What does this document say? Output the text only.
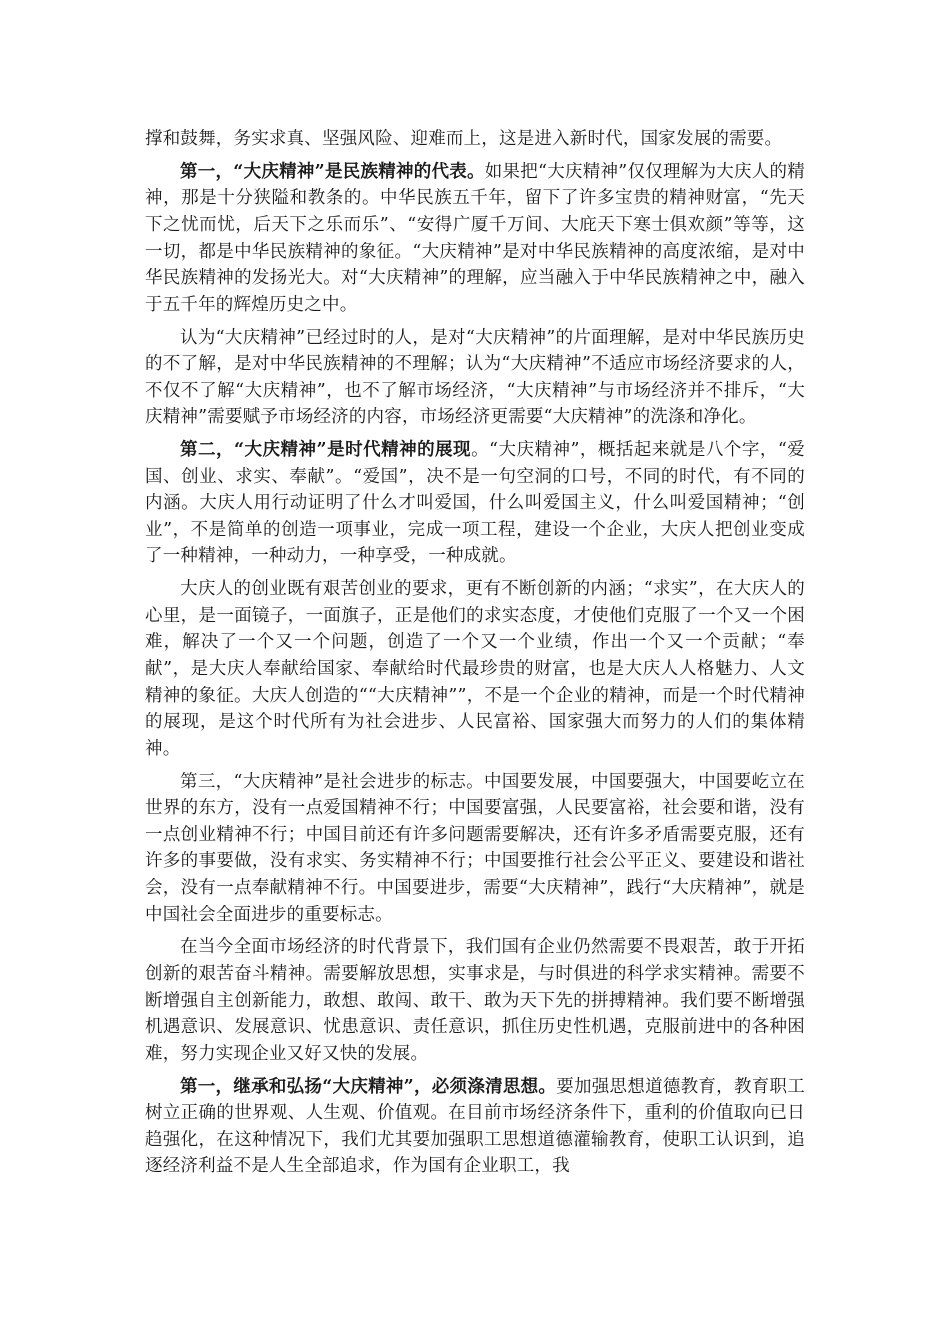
撑和鼓舞，务实求真、坚强风险、迎难而上，这是进入新时代，国家发展的需要。

第一，“大庆精神”是民族精神的代表。如果把“大庆精神”仅仅理解为大庆人的精神，那是十分狭隘和教条的。中华民族五千年，留下了许多宝贵的精神财富，“先天下之忧而忧，后天下之乐而乐”、“安得广厦千万间、大庇天下寒士俱欢颜”等等，这一切，都是中华民族精神的象征。“大庆精神”是对中华民族精神的高度浓缩，是对中华民族精神的发扬光大。对“大庆精神”的理解，应当融入于中华民族精神之中，融入于五千年的辉煌历史之中。

认为“大庆精神”已经过时的人，是对“大庆精神”的片面理解，是对中华民族历史的不了解，是对中华民族精神的不理解；认为“大庆精神”不适应市场经济要求的人，不仅不了解“大庆精神”，也不了解市场经济，“大庆精神”与市场经济并不排斥，“大庆精神”需要赋予市场经济的内容，市场经济更需要“大庆精神”的洗涤和净化。

第二，“大庆精神”是时代精神的展现。“大庆精神”，概括起来就是八个字，“爱国、创业、求实、奉献”。“爱国”，决不是一句空洞的口号，不同的时代，有不同的内涵。大庆人用行动证明了什么才叫爱国，什么叫爱国主义，什么叫爱国精神；“创业”，不是简单的创造一项事业，完成一项工程，建设一个企业，大庆人把创业变成了一种精神，一种动力，一种享受，一种成就。

大庆人的创业既有艰苦创业的要求，更有不断创新的内涵；“求实”，在大庆人的心里，是一面镜子，一面旗子，正是他们的求实态度，才使他们克服了一个又一个困难，解决了一个又一个问题，创造了一个又一个业绩，作出一个又一个贡献；“奉献”，是大庆人奉献给国家、奉献给时代最珍贵的财富，也是大庆人人格魅力、人文精神的象征。大庆人创造的““大庆精神””，不是一个企业的精神，而是一个时代精神的展现，是这个时代所有为社会进步、人民富裕、国家强大而努力的人们的集体精神。

第三，“大庆精神”是社会进步的标志。中国要发展，中国要强大，中国要屹立在世界的东方，没有一点爱国精神不行；中国要富强，人民要富裕，社会要和谐，没有一点创业精神不行；中国目前还有许多问题需要解决，还有许多矛盾需要克服，还有许多的事要做，没有求实、务实精神不行；中国要推行社会公平正义、要建设和谐社会，没有一点奉献精神不行。中国要进步，需要“大庆精神”，践行“大庆精神”，就是中国社会全面进步的重要标志。

在当今全面市场经济的时代背景下，我们国有企业仍然需要不畏艰苦，敢于开拓创新的艰苦奋斗精神。需要解放思想，实事求是，与时俱进的科学求实精神。需要不断增强自主创新能力，敢想、敢闯、敢干、敢为天下先的拼搏精神。我们要不断增强机遇意识、发展意识、忧患意识、责任意识，抓住历史性机遇，克服前进中的各种困难，努力实现企业又好又快的发展。

第一，继承和弘扬“大庆精神”，必须涤清思想。要加强思想道德教育，教育职工树立正确的世界观、人生观、价值观。在目前市场经济条件下，重利的价值取向已日趋强化，在这种情况下，我们尤其要加强职工思想道德灌输教育，使职工认识到，追逐经济利益不是人生全部追求，作为国有企业职工，我
